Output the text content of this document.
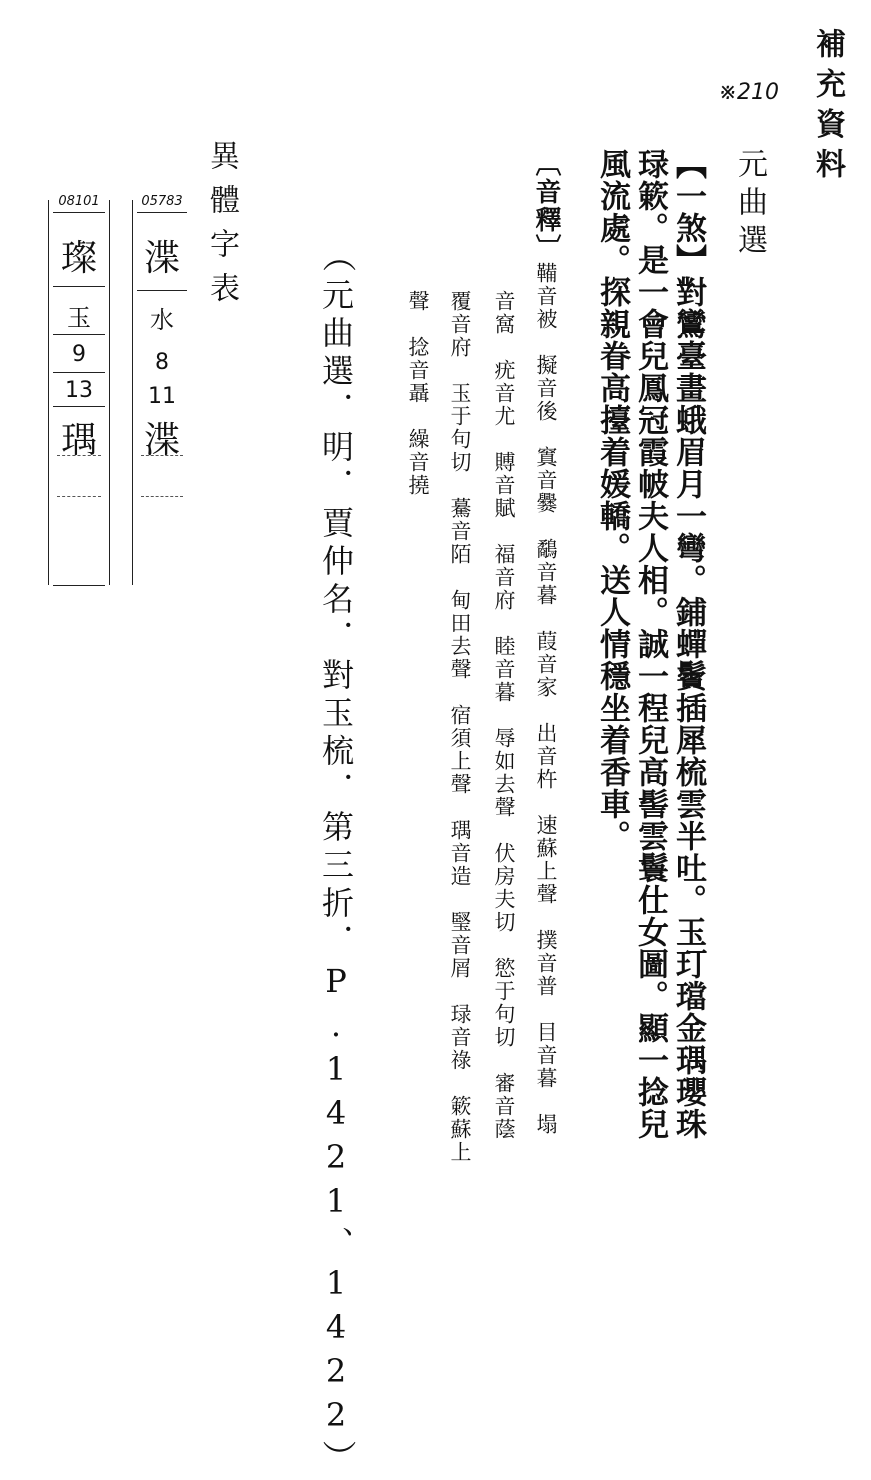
補充資料
※210
元曲選
【一煞】對鸞臺畫蛾眉月一彎。鋪蟬鬢插犀梳雲半吐。玉玎璫金㻦瓔珠
琭簌。是一會兒鳳冠霞帔夫人相。誠一程兒高髻雲鬟仕女圖。顯一捻兒
風流處。探親眷高擡着媛轎。送人情穩坐着香車。
〔音釋〕鞴音被　擬音後　窴音爨　鷸音暮　葭音家　出音杵　速蘇上聲　撲音普　目音暮　塌
音窩　疣音尤　賻音賦　福音府　睦音暮　辱如去聲　伏房夫切　慾于句切　審音蔭
覆音府　玉于句切　驀音陌　甸田去聲　宿須上聲　㻦音造　㻨音屑　琭音祿　簌蘇上
聲　捻音聶　繰音撓
（元曲選．明．賈仲名．對玉梳．第三折．P.1421、1422）
異體字表
05783
渫
水
8
11
渫
08101
璨
玉
9
13
㻦
